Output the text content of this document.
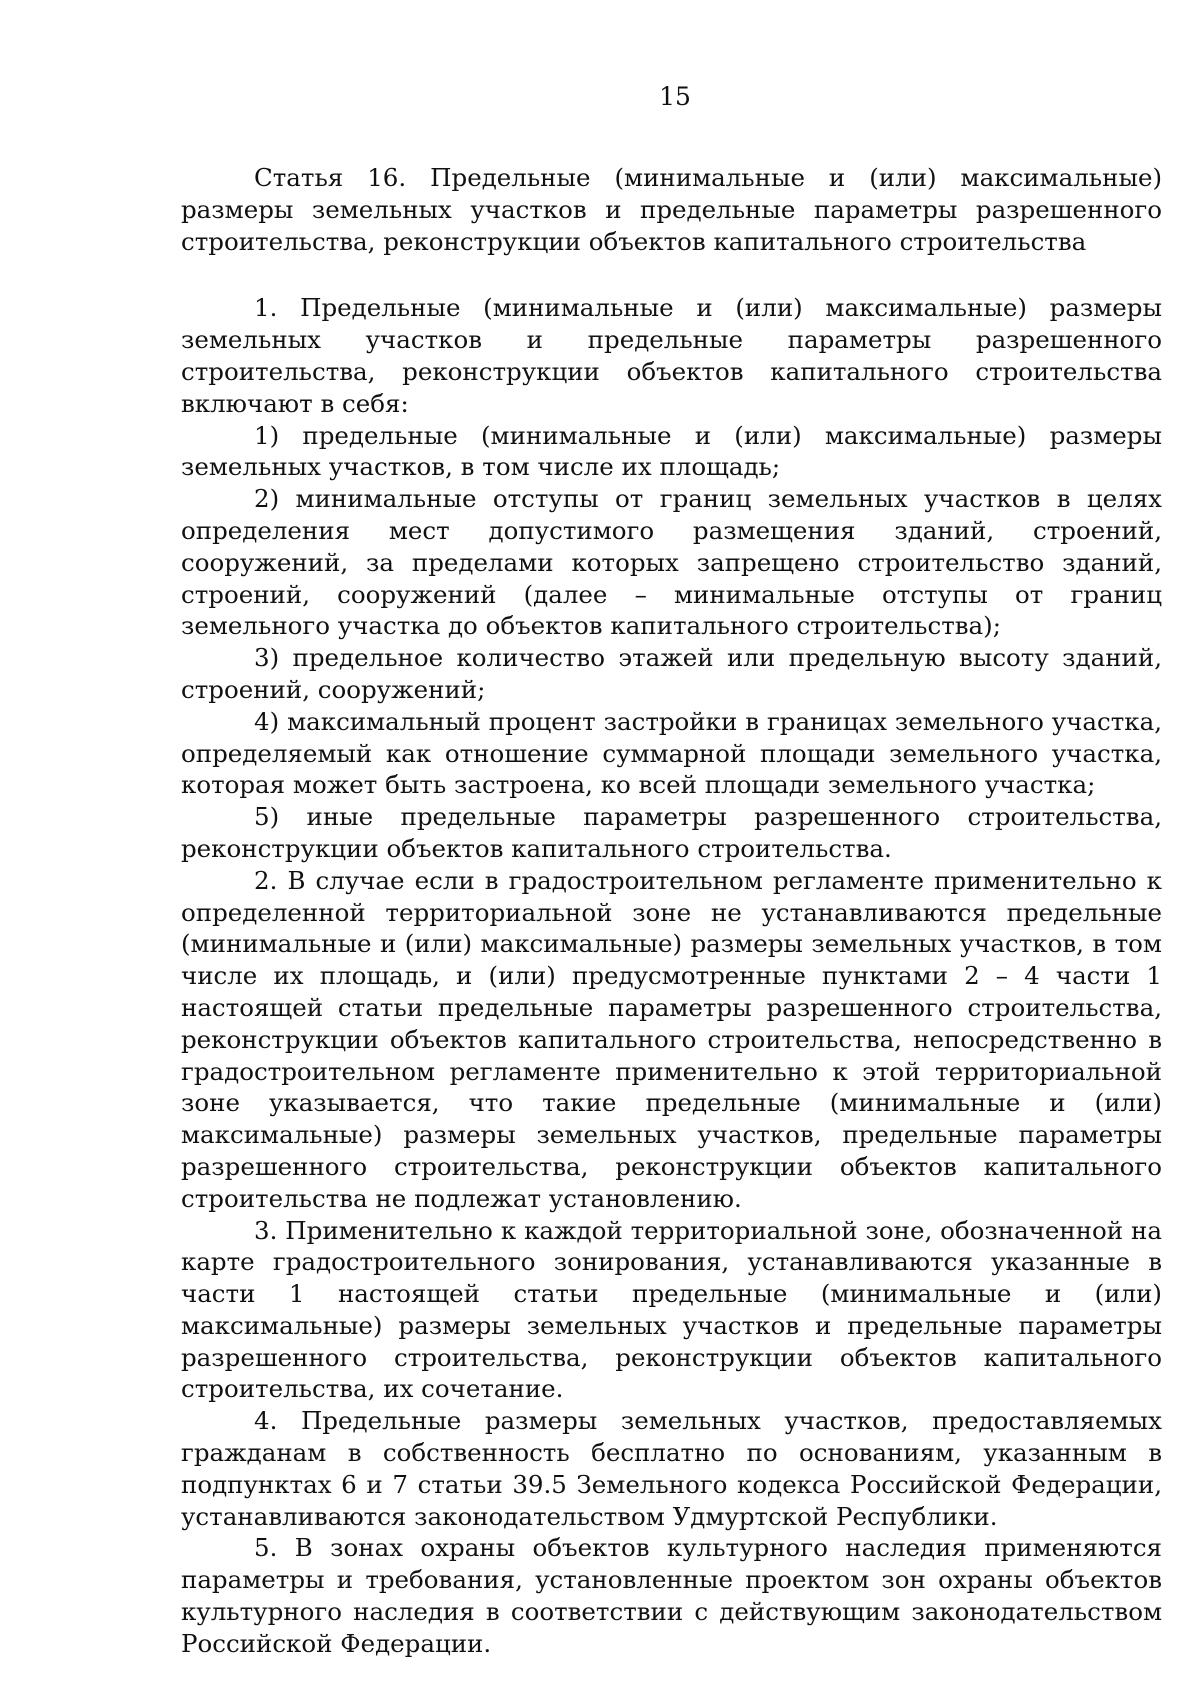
15

Статья 16. Предельные (минимальные и (или) максимальные) размеры земельных участков и предельные параметры разрешенного строительства, реконструкции объектов капитального строительства

1. Предельные (минимальные и (или) максимальные) размеры земельных участков и предельные параметры разрешенного строительства, реконструкции объектов капитального строительства включают в себя:

1) предельные (минимальные и (или) максимальные) размеры земельных участков, в том числе их площадь;

2) минимальные отступы от границ земельных участков в целях определения мест допустимого размещения зданий, строений, сооружений, за пределами которых запрещено строительство зданий, строений, сооружений (далее – минимальные отступы от границ земельного участка до объектов капитального строительства);

3) предельное количество этажей или предельную высоту зданий, строений, сооружений;

4) максимальный процент застройки в границах земельного участка, определяемый как отношение суммарной площади земельного участка, которая может быть застроена, ко всей площади земельного участка;

5) иные предельные параметры разрешенного строительства, реконструкции объектов капитального строительства.

2. В случае если в градостроительном регламенте применительно к определенной территориальной зоне не устанавливаются предельные (минимальные и (или) максимальные) размеры земельных участков, в том числе их площадь, и (или) предусмотренные пунктами 2 – 4 части 1 настоящей статьи предельные параметры разрешенного строительства, реконструкции объектов капитального строительства, непосредственно в градостроительном регламенте применительно к этой территориальной зоне указывается, что такие предельные (минимальные и (или) максимальные) размеры земельных участков, предельные параметры разрешенного строительства, реконструкции объектов капитального строительства не подлежат установлению.

3. Применительно к каждой территориальной зоне, обозначенной на карте градостроительного зонирования, устанавливаются указанные в части 1 настоящей статьи предельные (минимальные и (или) максимальные) размеры земельных участков и предельные параметры разрешенного строительства, реконструкции объектов капитального строительства, их сочетание.

4. Предельные размеры земельных участков, предоставляемых гражданам в собственность бесплатно по основаниям, указанным в подпунктах 6 и 7 статьи 39.5 Земельного кодекса Российской Федерации, устанавливаются законодательством Удмуртской Республики.

5. В зонах охраны объектов культурного наследия применяются параметры и требования, установленные проектом зон охраны объектов культурного наследия в соответствии с действующим законодательством Российской Федерации.
